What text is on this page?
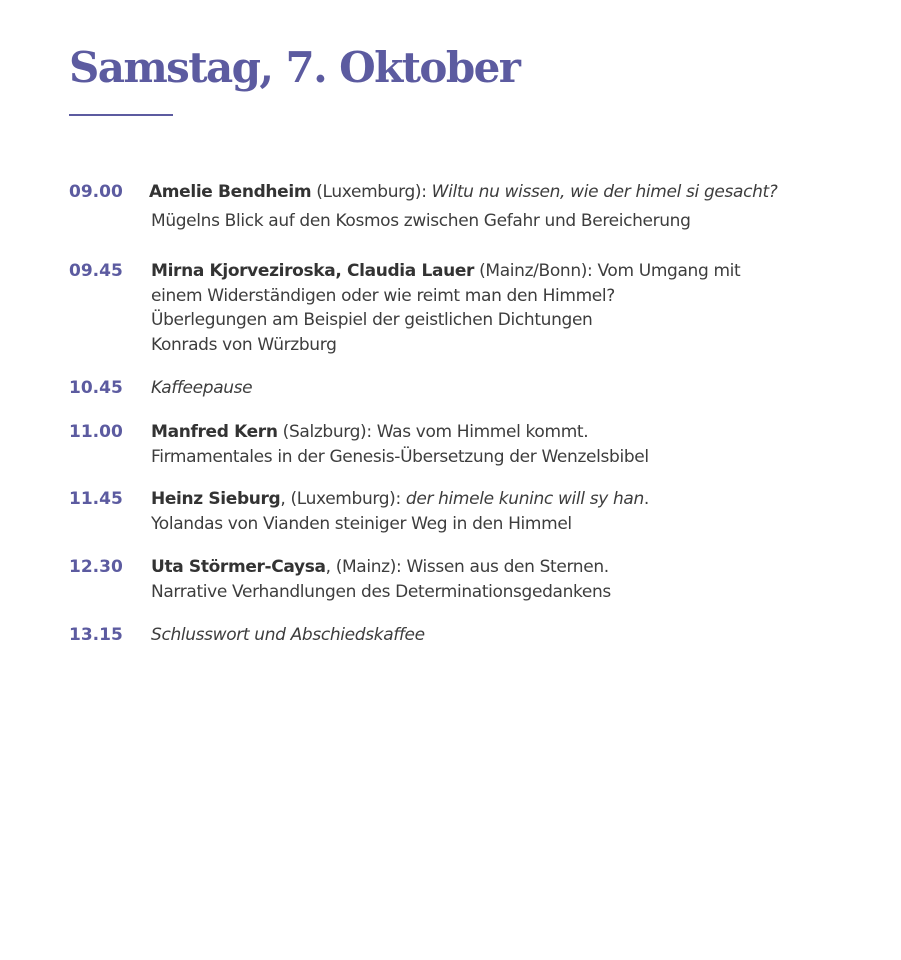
Samstag, 7. Oktober
09.00 Amelie Bendheim (Luxemburg): Wiltu nu wissen, wie der himel si gesacht?
Mügelns Blick auf den Kosmos zwischen Gefahr und Bereicherung
09.45 Mirna Kjorveziroska, Claudia Lauer (Mainz/Bonn): Vom Umgang mit
einem Widerständigen oder wie reimt man den Himmel?
Überlegungen am Beispiel der geistlichen Dichtungen
Konrads von Würzburg
10.45 Kaffeepause
11.00 Manfred Kern (Salzburg): Was vom Himmel kommt.
Firmamentales in der Genesis-Übersetzung der Wenzelsbibel
11.45 Heinz Sieburg, (Luxemburg): der himele kuninc will sy han.
Yolandas von Vianden steiniger Weg in den Himmel
12.30 Uta Störmer-Caysa, (Mainz): Wissen aus den Sternen.
Narrative Verhandlungen des Determinationsgedankens
13.15 Schlusswort und Abschiedskaffee
